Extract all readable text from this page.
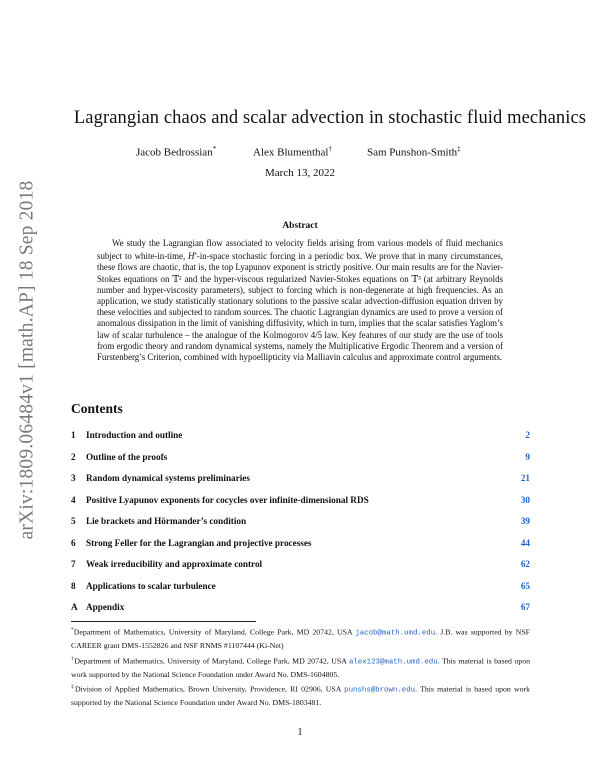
arXiv:1809.06484v1 [math.AP] 18 Sep 2018
Lagrangian chaos and scalar advection in stochastic fluid mechanics
Jacob Bedrossian*	Alex Blumenthal†	Sam Punshon-Smith‡
March 13, 2022
Abstract

We study the Lagrangian flow associated to velocity fields arising from various models of fluid mechanics subject to white-in-time, $H^s-in$-space stochastic forcing in a periodic box. We prove that in many circumstances, these flows are chaotic, that is, the top Lyapunov exponent is strictly positive. Our main results are for the Navier-Stokes equations on 𝕋² and the hyper-viscous regularized Navier-Stokes equations on 𝕋³ (at arbitrary Reynolds number and hyper-viscosity parameters), subject to forcing which is non-degenerate at high frequencies. As an application, we study statistically stationary solutions to the passive scalar advection-diffusion equation driven by these velocities and subjected to random sources. The chaotic Lagrangian dynamics are used to prove a version of anomalous dissipation in the limit of vanishing diffusivity, which in turn, implies that the scalar satisfies Yaglom’s law of scalar turbulence – the analogue of the Kolmogorov 4/5 law. Key features of our study are the use of tools from ergodic theory and random dynamical systems, namely the Multiplicative Ergodic Theorem and a version of Furstenberg’s Criterion, combined with hypoellipticity via Malliavin calculus and approximate control arguments.

Contents
1	Introduction and outline	2
2	Outline of the proofs	9
3	Random dynamical systems preliminaries	21
4	Positive Lyapunov exponents for cocycles over infinite-dimensional RDS	30
5	Lie brackets and Hörmander’s condition	39
6	Strong Feller for the Lagrangian and projective processes	44
7	Weak irreducibility and approximate control	62
8	Applications to scalar turbulence	65
A Appendix	67

*Department of Mathematics, University of Maryland, College Park, MD 20742, USA jacob@math.umd.edu. J.B. was supported by NSF CAREER grant DMS-1552826 and NSF RNMS #1107444 (Ki-Net)

†Department of Mathematics, University of Maryland, College Park, MD 20742, USA alex123@math.umd.edu. This material is based upon work supported by the National Science Foundation under Award No. DMS-1604805.

‡Division of Applied Mathematics, Brown University, Providence, RI 02906, USA punshs@brown.edu. This material is based upon work supported by the National Science Foundation under Award No. DMS-1803481.

1
